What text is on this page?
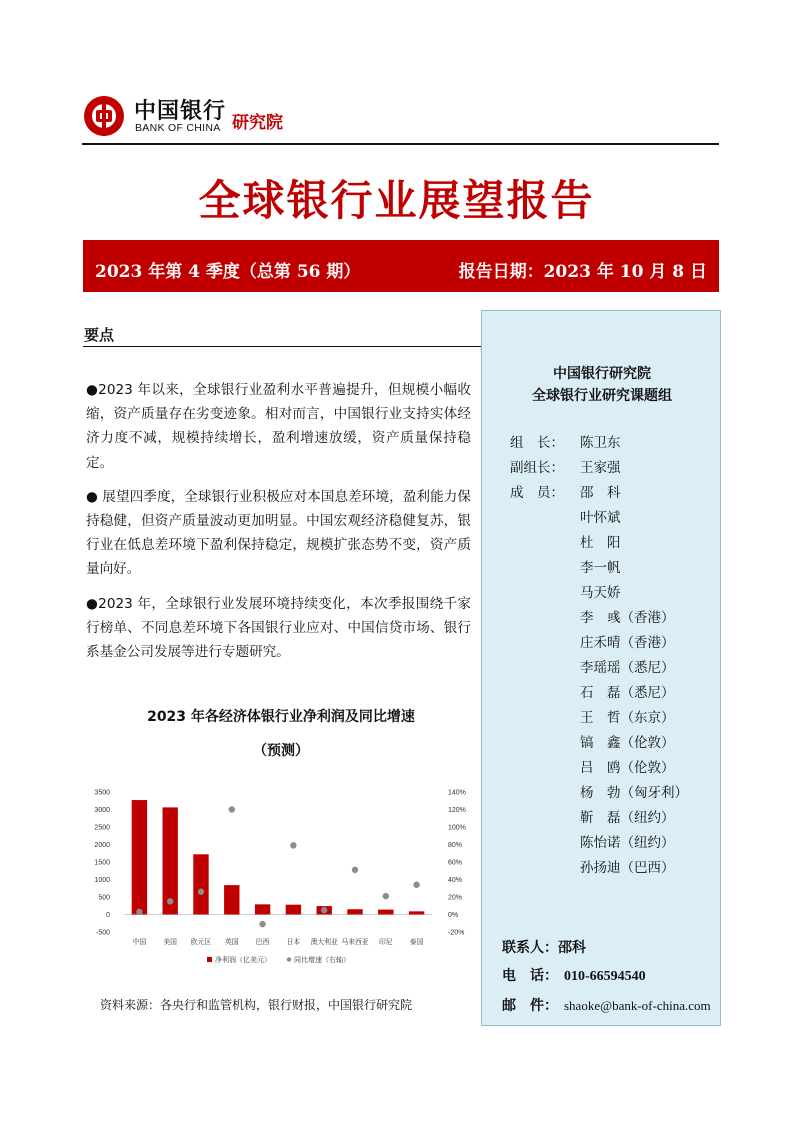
中国银行
BANK OF CHINA 研究院
全球银行业展望报告
2023 年第 4 季度（总第 56 期）	报告日期：2023 年 10 月 8 日
要点

●2023 年以来，全球银行业盈利水平普遍提升，但规模小幅收缩，资产质量存在劣变迹象。相对而言，中国银行业支持实体经济力度不减，规模持续增长，盈利增速放缓，资产质量保持稳定。

● 展望四季度，全球银行业积极应对本国息差环境，盈利能力保持稳健，但资产质量波动更加明显。中国宏观经济稳健复苏，银行业在低息差环境下盈利保持稳定，规模扩张态势不变，资产质量向好。

●2023 年，全球银行业发展环境持续变化，本次季报围绕千家行榜单、不同息差环境下各国银行业应对、中国信贷市场、银行系基金公司发展等进行专题研究。

2023 年各经济体银行业净利润及同比增速
（预测）
-500
0
500
1000
1500
2000
2500
3000
3500
-20%
0%
20%
40%
60%
80%
100%
120%
140%
中国	美国 欧元区 英国	巴西	日本 澳大利亚 马来西亚 印尼	泰国
净利润（亿美元）	同比增速（右轴）
资料来源：各央行和监管机构，银行财报，中国银行研究院
中国银行研究院
全球银行业研究课题组
组　长： 陈卫东
副组长： 王家强
成　员： 邵　科
叶怀斌
杜　阳
李一帆
马天娇
李　彧（香港）
庄禾晴（香港）
李瑶瑶（悉尼）
石　磊（悉尼）
王　哲（东京）
镐　鑫（伦敦）
吕　鸥（伦敦）
杨　勃（匈牙利）
靳　磊（纽约）
陈怡诺（纽约）
孙扬迪（巴西）
联系人：邵科
电　话： 010-66594540
邮　件： shaoke@bank-of-china.com
